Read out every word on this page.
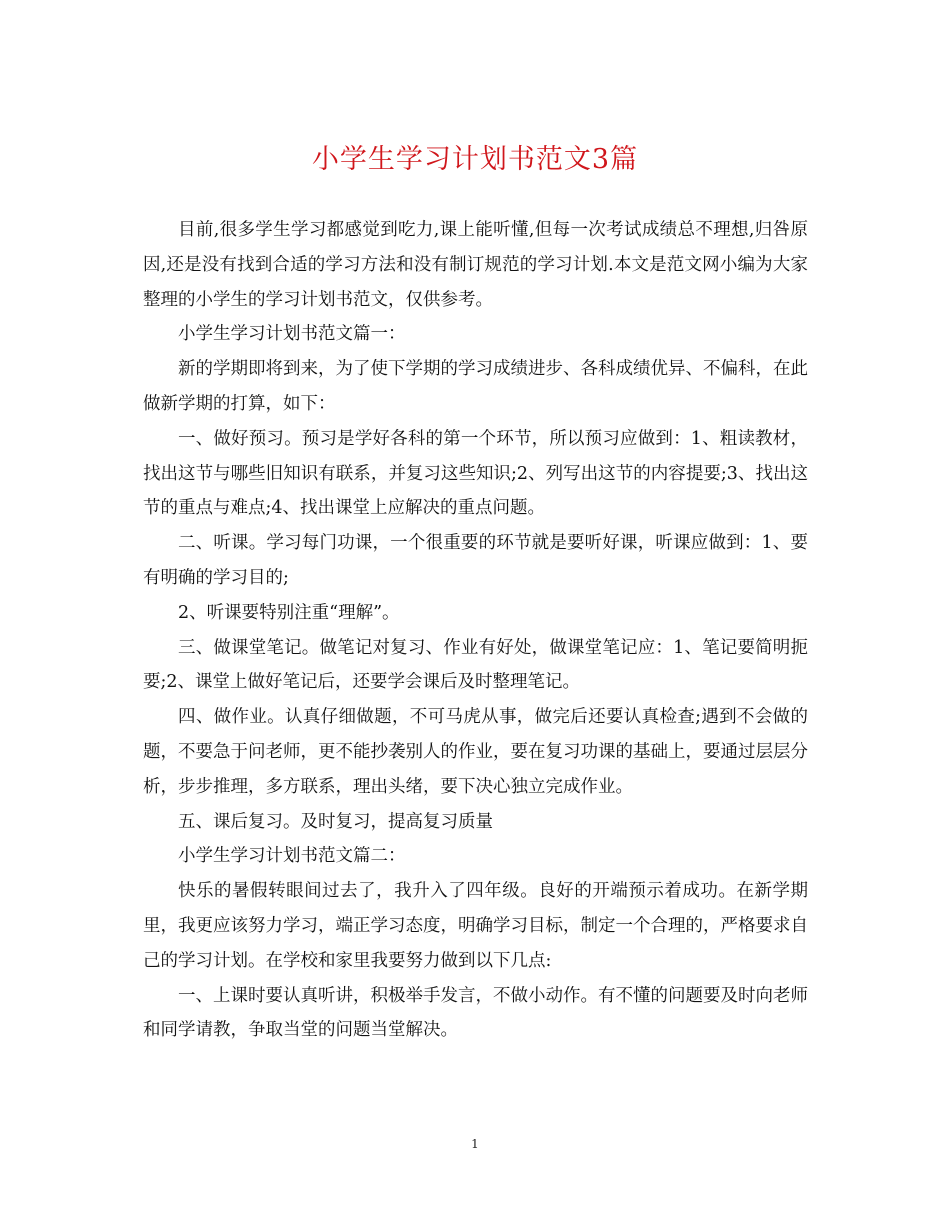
小学生学习计划书范文3篇

目前,很多学生学习都感觉到吃力,课上能听懂,但每一次考试成绩总不理想,归咎原因,还是没有找到合适的学习方法和没有制订规范的学习计划.本文是范文网小编为大家整理的小学生的学习计划书范文，仅供参考。

小学生学习计划书范文篇一：

新的学期即将到来，为了使下学期的学习成绩进步、各科成绩优异、不偏科，在此做新学期的打算，如下：

一、做好预习。预习是学好各科的第一个环节，所以预习应做到：1、粗读教材，找出这节与哪些旧知识有联系，并复习这些知识;2、列写出这节的内容提要;3、找出这节的重点与难点;4、找出课堂上应解决的重点问题。

二、听课。学习每门功课，一个很重要的环节就是要听好课，听课应做到：1、要有明确的学习目的;

2、听课要特别注重“理解”。

三、做课堂笔记。做笔记对复习、作业有好处，做课堂笔记应：1、笔记要简明扼要;2、课堂上做好笔记后，还要学会课后及时整理笔记。

四、做作业。认真仔细做题，不可马虎从事，做完后还要认真检查;遇到不会做的题，不要急于问老师，更不能抄袭别人的作业，要在复习功课的基础上，要通过层层分析，步步推理，多方联系，理出头绪，要下决心独立完成作业。

五、课后复习。及时复习，提高复习质量

小学生学习计划书范文篇二：

快乐的暑假转眼间过去了，我升入了四年级。良好的开端预示着成功。在新学期里，我更应该努力学习，端正学习态度，明确学习目标，制定一个合理的，严格要求自己的学习计划。在学校和家里我要努力做到以下几点:

一、上课时要认真听讲，积极举手发言，不做小动作。有不懂的问题要及时向老师和同学请教，争取当堂的问题当堂解决。

1
